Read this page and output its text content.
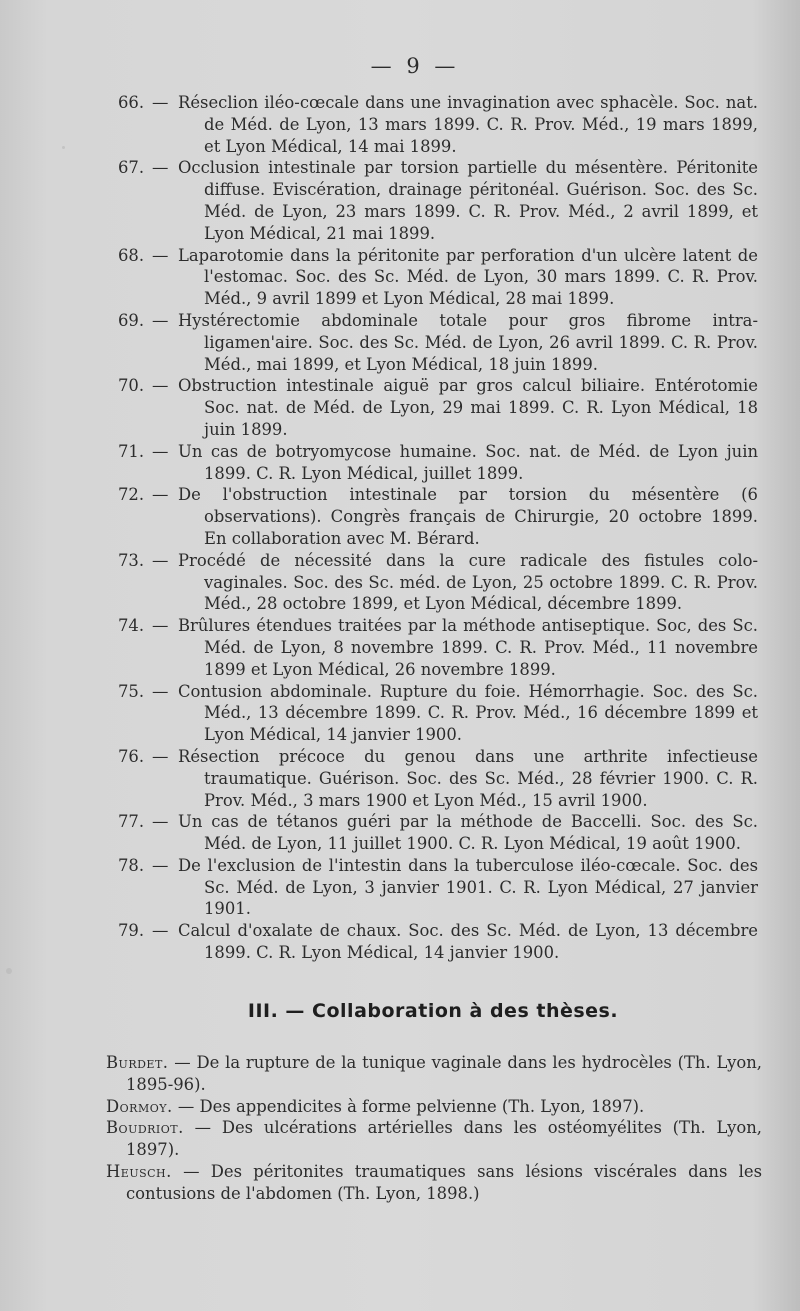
— 9 —

66. — Réseclion iléo-cœcale dans une invagination avec sphacèle. Soc. nat. de Méd. de Lyon, 13 mars 1899. C. R. Prov. Méd., 19 mars 1899, et Lyon Médical, 14 mai 1899.

67. — Occlusion intestinale par torsion partielle du mésentère. Péritonite diffuse. Eviscération, drainage péritonéal. Guérison. Soc. des Sc. Méd. de Lyon, 23 mars 1899. C. R. Prov. Méd., 2 avril 1899, et Lyon Médical, 21 mai 1899.

68. — Laparotomie dans la péritonite par perforation d'un ulcère latent de l'estomac. Soc. des Sc. Méd. de Lyon, 30 mars 1899. C. R. Prov. Méd., 9 avril 1899 et Lyon Médical, 28 mai 1899.

69. — Hystérectomie abdominale totale pour gros fibrome intra-ligamen'aire. Soc. des Sc. Méd. de Lyon, 26 avril 1899. C. R. Prov. Méd., mai 1899, et Lyon Médical, 18 juin 1899.

70. — Obstruction intestinale aiguë par gros calcul biliaire. Entérotomie Soc. nat. de Méd. de Lyon, 29 mai 1899. C. R. Lyon Médical, 18 juin 1899.

71. — Un cas de botryomycose humaine. Soc. nat. de Méd. de Lyon juin 1899. C. R. Lyon Médical, juillet 1899.

72. — De l'obstruction intestinale par torsion du mésentère (6 observations). Congrès français de Chirurgie, 20 octobre 1899. En collaboration avec M. Bérard.

73. — Procédé de nécessité dans la cure radicale des fistules colo-vaginales. Soc. des Sc. méd. de Lyon, 25 octobre 1899. C. R. Prov. Méd., 28 octobre 1899, et Lyon Médical, décembre 1899.

74. — Brûlures étendues traitées par la méthode antiseptique. Soc, des Sc. Méd. de Lyon, 8 novembre 1899. C. R. Prov. Méd., 11 novembre 1899 et Lyon Médical, 26 novembre 1899.

75. — Contusion abdominale. Rupture du foie. Hémorrhagie. Soc. des Sc. Méd., 13 décembre 1899. C. R. Prov. Méd., 16 décembre 1899 et Lyon Médical, 14 janvier 1900.

76. — Résection précoce du genou dans une arthrite infectieuse traumatique. Guérison. Soc. des Sc. Méd., 28 février 1900. C. R. Prov. Méd., 3 mars 1900 et Lyon Méd., 15 avril 1900.

77. — Un cas de tétanos guéri par la méthode de Baccelli. Soc. des Sc. Méd. de Lyon, 11 juillet 1900. C. R. Lyon Médical, 19 août 1900.

78. — De l'exclusion de l'intestin dans la tuberculose iléo-cœcale. Soc. des Sc. Méd. de Lyon, 3 janvier 1901. C. R. Lyon Médical, 27 janvier 1901.

79. — Calcul d'oxalate de chaux. Soc. des Sc. Méd. de Lyon, 13 décembre 1899. C. R. Lyon Médical, 14 janvier 1900.

III. — Collaboration à des thèses.

Burdet. — De la rupture de la tunique vaginale dans les hydrocèles (Th. Lyon, 1895-96).

Dormoy. — Des appendicites à forme pelvienne (Th. Lyon, 1897).

Boudriot. — Des ulcérations artérielles dans les ostéomyélites (Th. Lyon, 1897).

Heusch. — Des péritonites traumatiques sans lésions viscérales dans les contusions de l'abdomen (Th. Lyon, 1898.)
